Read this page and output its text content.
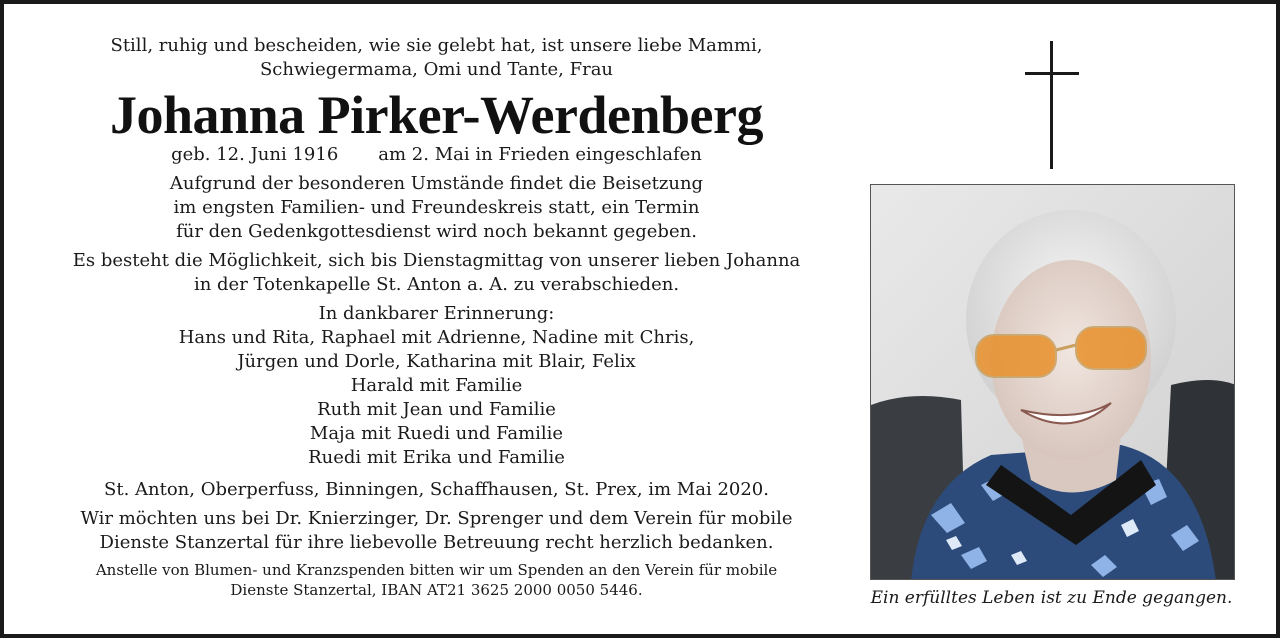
Still, ruhig und bescheiden, wie sie gelebt hat, ist unsere liebe Mammi,
Schwiegermama, Omi und Tante, Frau

Johanna Pirker-Werdenberg

geb. 12. Juni 1916 am 2. Mai in Frieden eingeschlafen

Aufgrund der besonderen Umstände findet die Beisetzung
im engsten Familien- und Freundeskreis statt, ein Termin
für den Gedenkgottesdienst wird noch bekannt gegeben.

Es besteht die Möglichkeit, sich bis Dienstagmittag von unserer lieben Johanna
in der Totenkapelle St. Anton a. A. zu verabschieden.

In dankbarer Erinnerung:
Hans und Rita, Raphael mit Adrienne, Nadine mit Chris,
Jürgen und Dorle, Katharina mit Blair, Felix
Harald mit Familie
Ruth mit Jean und Familie
Maja mit Ruedi und Familie
Ruedi mit Erika und Familie

St. Anton, Oberperfuss, Binningen, Schaffhausen, St. Prex, im Mai 2020.

Wir möchten uns bei Dr. Knierzinger, Dr. Sprenger und dem Verein für mobile
Dienste Stanzertal für ihre liebevolle Betreuung recht herzlich bedanken.

Anstelle von Blumen- und Kranzspenden bitten wir um Spenden an den Verein für mobile
Dienste Stanzertal, IBAN AT21 3625 2000 0050 5446.	Ein erfülltes Leben ist zu Ende gegangen.
